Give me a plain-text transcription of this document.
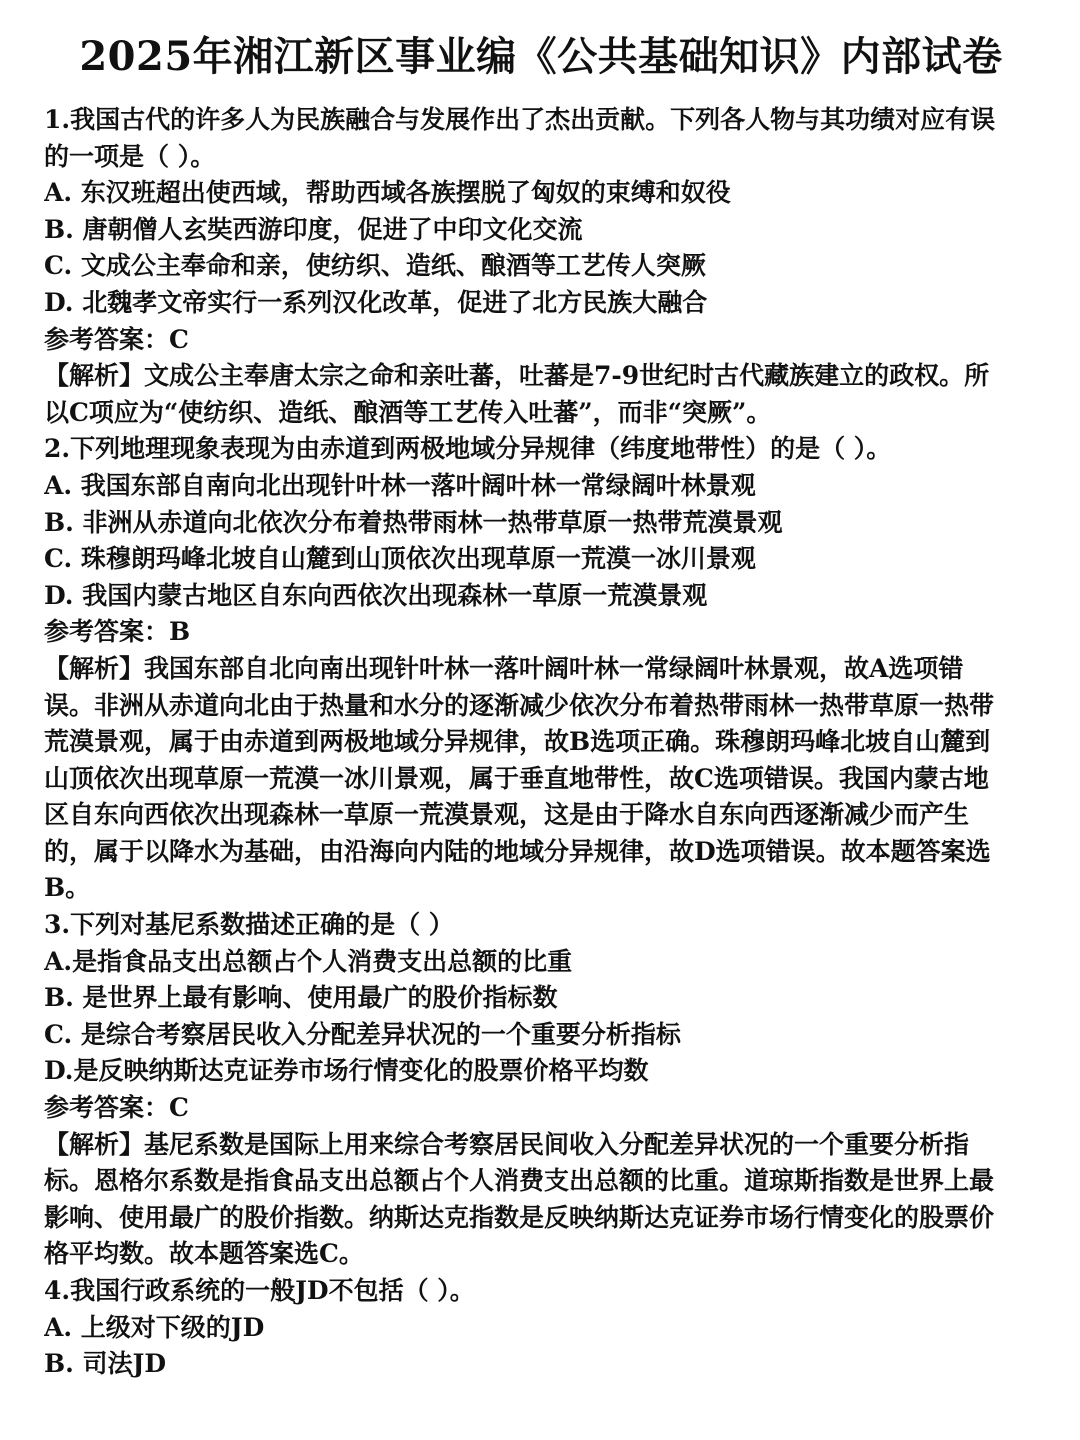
2025年湘江新区事业编《公共基础知识》内部试卷
1.我国古代的许多人为民族融合与发展作出了杰出贡献。下列各人物与其功绩对应有误
的一项是（ ）。
A. 东汉班超出使西域，帮助西域各族摆脱了匈奴的束缚和奴役
B. 唐朝僧人玄奘西游印度，促进了中印文化交流
C. 文成公主奉命和亲，使纺织、造纸、酿酒等工艺传人突厥
D. 北魏孝文帝实行一系列汉化改革，促进了北方民族大融合
参考答案：C
【解析】文成公主奉唐太宗之命和亲吐蕃，吐蕃是7-9世纪时古代藏族建立的政权。所
以C项应为“使纺织、造纸、酿酒等工艺传入吐蕃”，而非“突厥”。
2.下列地理现象表现为由赤道到两极地域分异规律（纬度地带性）的是（ ）。
A. 我国东部自南向北出现针叶林一落叶阔叶林一常绿阔叶林景观
B. 非洲从赤道向北依次分布着热带雨林一热带草原一热带荒漠景观
C. 珠穆朗玛峰北坡自山麓到山顶依次出现草原一荒漠一冰川景观
D. 我国内蒙古地区自东向西依次出现森林一草原一荒漠景观
参考答案：B
【解析】我国东部自北向南出现针叶林一落叶阔叶林一常绿阔叶林景观，故A选项错
误。非洲从赤道向北由于热量和水分的逐渐减少依次分布着热带雨林一热带草原一热带
荒漠景观，属于由赤道到两极地域分异规律，故B选项正确。珠穆朗玛峰北坡自山麓到
山顶依次出现草原一荒漠一冰川景观，属于垂直地带性，故C选项错误。我国内蒙古地
区自东向西依次出现森林一草原一荒漠景观，这是由于降水自东向西逐渐减少而产生
的，属于以降水为基础，由沿海向内陆的地域分异规律，故D选项错误。故本题答案选
B。
3.下列对基尼系数描述正确的是（ ）
A.是指食品支出总额占个人消费支出总额的比重
B. 是世界上最有影响、使用最广的股价指标数
C. 是综合考察居民收入分配差异状况的一个重要分析指标
D.是反映纳斯达克证券市场行情变化的股票价格平均数
参考答案：C
【解析】基尼系数是国际上用来综合考察居民间收入分配差异状况的一个重要分析指
标。恩格尔系数是指食品支出总额占个人消费支出总额的比重。道琼斯指数是世界上最
影响、使用最广的股价指数。纳斯达克指数是反映纳斯达克证券市场行情变化的股票价
格平均数。故本题答案选C。
4.我国行政系统的一般JD不包括（ ）。
A. 上级对下级的JD
B. 司法JD
